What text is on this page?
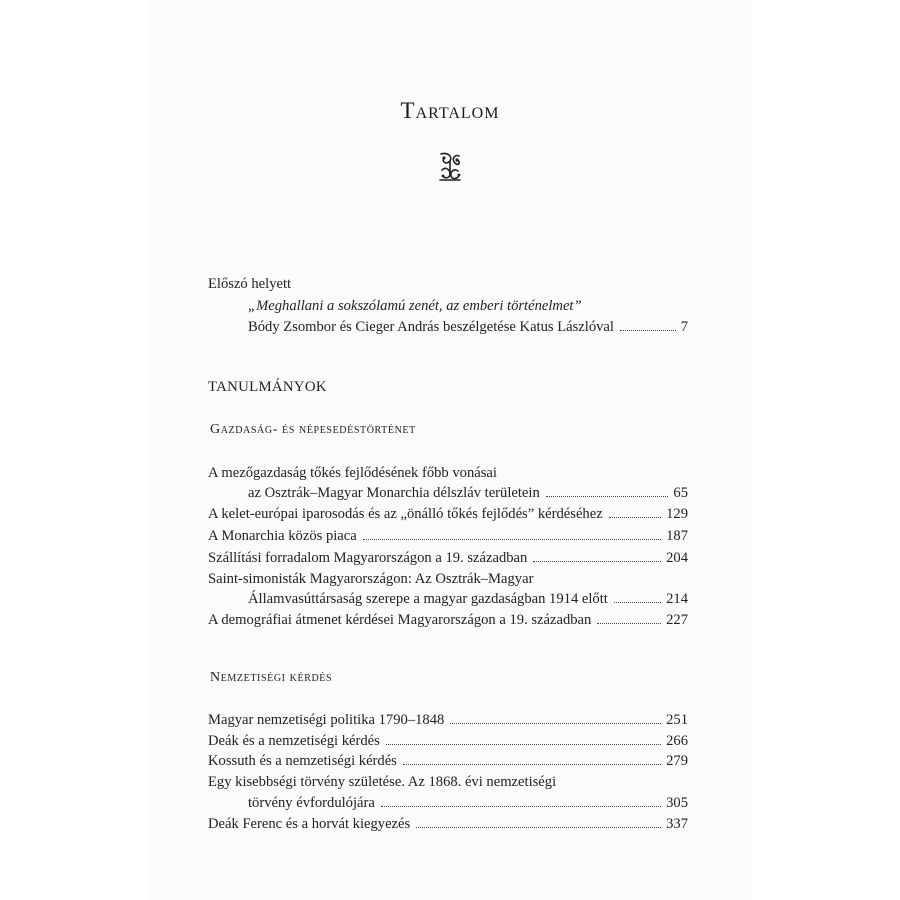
Tartalom
Előszó helyett
„Meghallani a sokszólamú zenét, az emberi történelmet”
Bódy Zsombor és Cieger András beszélgetése Katus Lászlóval	7
TANULMÁNYOK
Gazdaság- és népesedéstörténet
A mezőgazdaság tőkés fejlődésének főbb vonásai
az Osztrák–Magyar Monarchia délszláv területein	65
A kelet-európai iparosodás és az „önálló tőkés fejlődés” kérdéséhez	129
A Monarchia közös piaca	187
Szállítási forradalom Magyarországon a 19. században	204
Saint-simonisták Magyarországon: Az Osztrák–Magyar
Államvasúttársaság szerepe a magyar gazdaságban 1914 előtt	214
A demográfiai átmenet kérdései Magyarországon a 19. században	227
Nemzetiségi kérdés
Magyar nemzetiségi politika 1790–1848	251
Deák és a nemzetiségi kérdés	266
Kossuth és a nemzetiségi kérdés	279
Egy kisebbségi törvény születése. Az 1868. évi nemzetiségi
törvény évfordulójára	305
Deák Ferenc és a horvát kiegyezés	337
